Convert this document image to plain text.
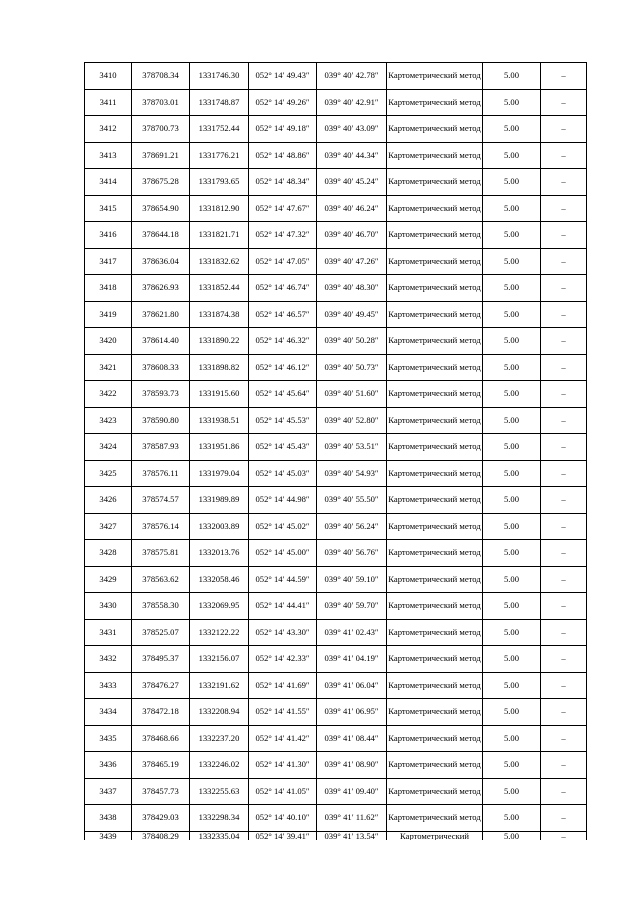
3410	378708.34	1331746.30	052° 14′ 49.43″	039° 40′ 42.78″	Картометрический метод	5.00	–
3411	378703.01	1331748.87	052° 14′ 49.26″	039° 40′ 42.91″	Картометрический метод	5.00	–
3412	378700.73	1331752.44	052° 14′ 49.18″	039° 40′ 43.09″	Картометрический метод	5.00	–
3413	378691.21	1331776.21	052° 14′ 48.86″	039° 40′ 44.34″	Картометрический метод	5.00	–
3414	378675.28	1331793.65	052° 14′ 48.34″	039° 40′ 45.24″	Картометрический метод	5.00	–
3415	378654.90	1331812.90	052° 14′ 47.67″	039° 40′ 46.24″	Картометрический метод	5.00	–
3416	378644.18	1331821.71	052° 14′ 47.32″	039° 40′ 46.70″	Картометрический метод	5.00	–
3417	378636.04	1331832.62	052° 14′ 47.05″	039° 40′ 47.26″	Картометрический метод	5.00	–
3418	378626.93	1331852.44	052° 14′ 46.74″	039° 40′ 48.30″	Картометрический метод	5.00	–
3419	378621.80	1331874.38	052° 14′ 46.57″	039° 40′ 49.45″	Картометрический метод	5.00	–
3420	378614.40	1331890.22	052° 14′ 46.32″	039° 40′ 50.28″	Картометрический метод	5.00	–
3421	378608.33	1331898.82	052° 14′ 46.12″	039° 40′ 50.73″	Картометрический метод	5.00	–
3422	378593.73	1331915.60	052° 14′ 45.64″	039° 40′ 51.60″	Картометрический метод	5.00	–
3423	378590.80	1331938.51	052° 14′ 45.53″	039° 40′ 52.80″	Картометрический метод	5.00	–
3424	378587.93	1331951.86	052° 14′ 45.43″	039° 40′ 53.51″	Картометрический метод	5.00	–
3425	378576.11	1331979.04	052° 14′ 45.03″	039° 40′ 54.93″	Картометрический метод	5.00	–
3426	378574.57	1331989.89	052° 14′ 44.98″	039° 40′ 55.50″	Картометрический метод	5.00	–
3427	378576.14	1332003.89	052° 14′ 45.02″	039° 40′ 56.24″	Картометрический метод	5.00	–
3428	378575.81	1332013.76	052° 14′ 45.00″	039° 40′ 56.76″	Картометрический метод	5.00	–
3429	378563.62	1332058.46	052° 14′ 44.59″	039° 40′ 59.10″	Картометрический метод	5.00	–
3430	378558.30	1332069.95	052° 14′ 44.41″	039° 40′ 59.70″	Картометрический метод	5.00	–
3431	378525.07	1332122.22	052° 14′ 43.30″	039° 41′ 02.43″	Картометрический метод	5.00	–
3432	378495.37	1332156.07	052° 14′ 42.33″	039° 41′ 04.19″	Картометрический метод	5.00	–
3433	378476.27	1332191.62	052° 14′ 41.69″	039° 41′ 06.04″	Картометрический метод	5.00	–
3434	378472.18	1332208.94	052° 14′ 41.55″	039° 41′ 06.95″	Картометрический метод	5.00	–
3435	378468.66	1332237.20	052° 14′ 41.42″	039° 41′ 08.44″	Картометрический метод	5.00	–
3436	378465.19	1332246.02	052° 14′ 41.30″	039° 41′ 08.90″	Картометрический метод	5.00	–
3437	378457.73	1332255.63	052° 14′ 41.05″	039° 41′ 09.40″	Картометрический метод	5.00	–
3438	378429.03	1332298.34	052° 14′ 40.10″	039° 41′ 11.62″	Картометрический метод	5.00	–
3439	378408.29	1332335.04	052° 14′ 39.41″	039° 41′ 13.54″	Картометрический	5.00	–
